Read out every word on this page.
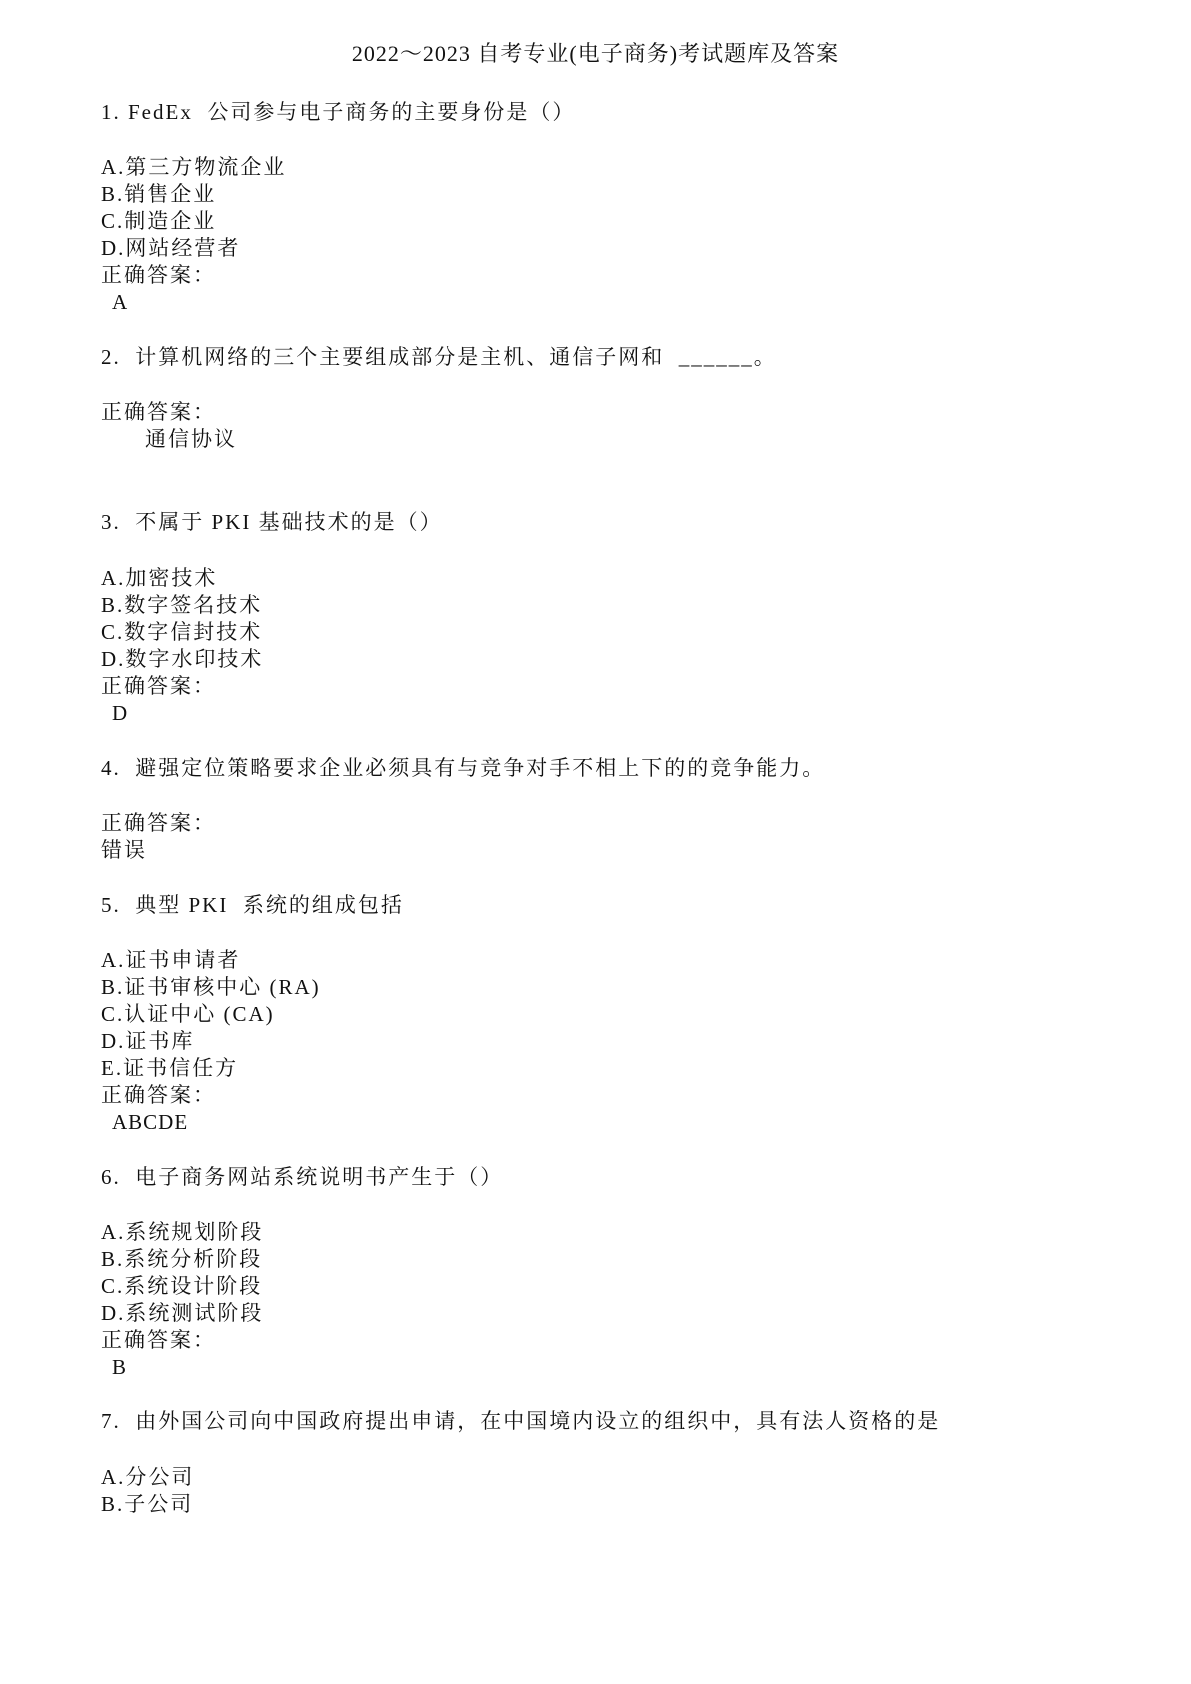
2022～2023 自考专业(电子商务)考试题库及答案
1. FedEx  公司参与电子商务的主要身份是（）
A.第三方物流企业
B.销售企业
C.制造企业
D.网站经营者
正确答案：
A
2.  计算机网络的三个主要组成部分是主机、通信子网和  ______。
正确答案：
通信协议
3.  不属于 PKI 基础技术的是（）
A.加密技术
B.数字签名技术
C.数字信封技术
D.数字水印技术
正确答案：
D
4.  避强定位策略要求企业必须具有与竞争对手不相上下的的竞争能力。
正确答案：
错误
5.  典型 PKI  系统的组成包括
A.证书申请者
B.证书审核中心 (RA)
C.认证中心 (CA)
D.证书库
E.证书信任方
正确答案：
ABCDE
6.  电子商务网站系统说明书产生于（）
A.系统规划阶段
B.系统分析阶段
C.系统设计阶段
D.系统测试阶段
正确答案：
B
7.  由外国公司向中国政府提出申请，在中国境内设立的组织中，具有法人资格的是
A.分公司
B.子公司
